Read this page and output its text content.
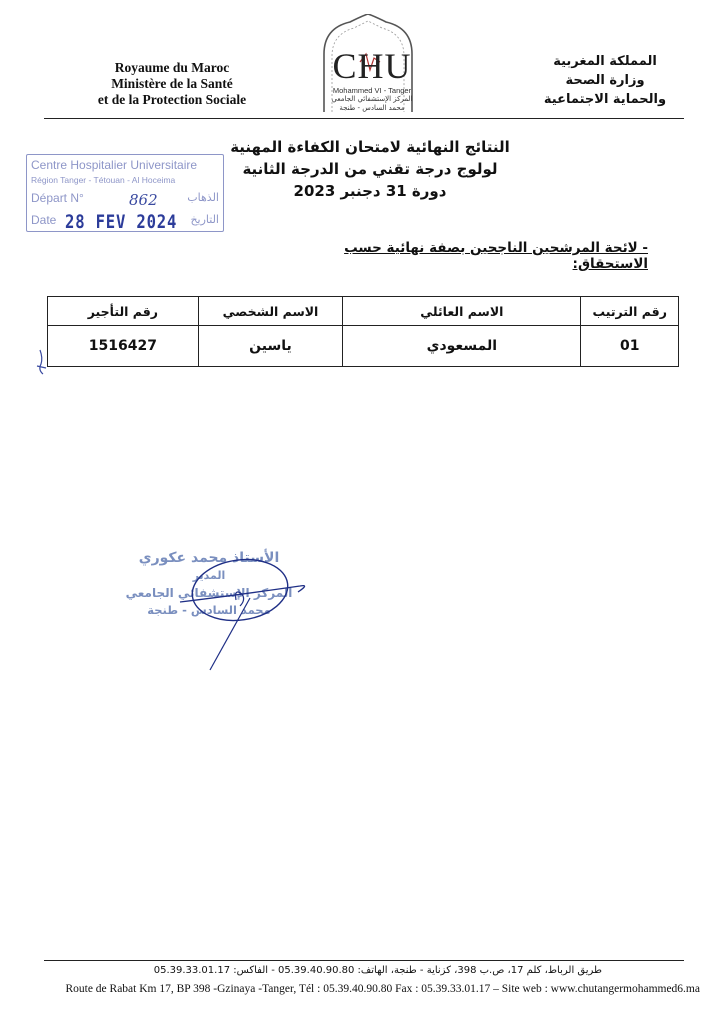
Royaume du Maroc
Ministère de la Santé
et de la Protection Sociale
المملكة المغربية
وزارة الصحة
والحماية الاجتماعية
CHU
Mohammed VI - Tanger
المركز الإستشفائي الجامعي
محمد السادس - طنجة
النتائج النهائية لامتحان الكفاءة المهنية
لولوج درجة تقني من الدرجة الثانية
دورة 31 دجنبر 2023
Centre Hospitalier Universitaire
Région Tanger - Tétouan - Al Hoceima
Départ N°	الذهاب
862
Date	التاريخ
28 FEV 2024
- لائحة المرشحين الناجحين بصفة نهائية حسب الاستحقاق:
رقم الترتيب	الاسم العائلي	الاسم الشخصي	رقم التأجير
01	المسعودي	ياسين	1516427
الأستاذ محمد عكوري
المدير
المركز الإستشفائي الجامعي
محمد السادس - طنجة
طريق الرباط، كلم 17، ص.ب 398، كزناية - طنجة، الهاتف: 05.39.40.90.80 - الفاكس: 05.39.33.01.17
Route de Rabat Km 17, BP 398 -Gzinaya -Tanger, Tél : 05.39.40.90.80 Fax : 05.39.33.01.17 – Site web : www.chutangermohammed6.ma
